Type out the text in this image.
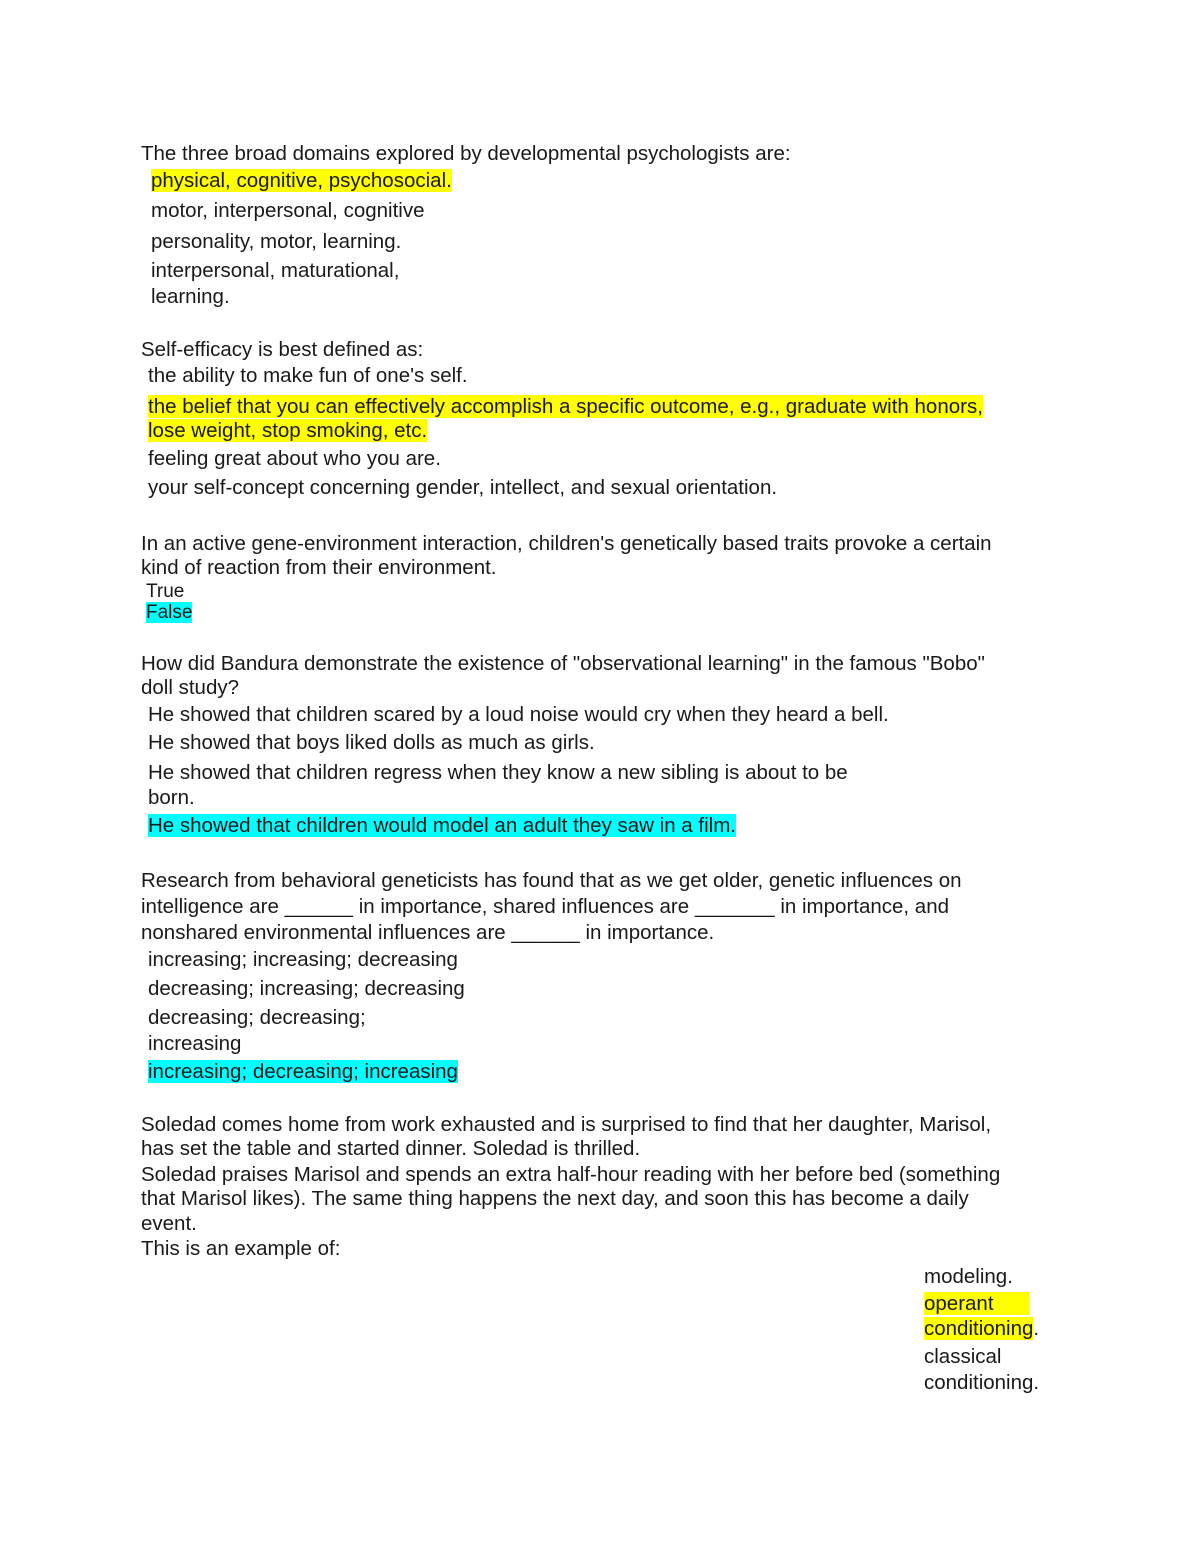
The three broad domains explored by developmental psychologists are:
physical, cognitive, psychosocial.
motor, interpersonal, cognitive
personality, motor, learning.
interpersonal, maturational,
learning.
Self-efficacy is best defined as:
the ability to make fun of one's self.
the belief that you can effectively accomplish a specific outcome, e.g., graduate with honors,
lose weight, stop smoking, etc.
feeling great about who you are.
your self-concept concerning gender, intellect, and sexual orientation.
In an active gene-environment interaction, children's genetically based traits provoke a certain
kind of reaction from their environment.
True
False
How did Bandura demonstrate the existence of "observational learning" in the famous "Bobo"
doll study?
He showed that children scared by a loud noise would cry when they heard a bell.
He showed that boys liked dolls as much as girls.
He showed that children regress when they know a new sibling is about to be
born.
He showed that children would model an adult they saw in a film.
Research from behavioral geneticists has found that as we get older, genetic influences on
intelligence are ______ in importance, shared influences are _______ in importance, and
nonshared environmental influences are ______ in importance.
increasing; increasing; decreasing
decreasing; increasing; decreasing
decreasing; decreasing;
increasing
increasing; decreasing; increasing
Soledad comes home from work exhausted and is surprised to find that her daughter, Marisol,
has set the table and started dinner. Soledad is thrilled.
Soledad praises Marisol and spends an extra half-hour reading with her before bed (something
that Marisol likes). The same thing happens the next day, and soon this has become a daily
event.
This is an example of:
modeling.
operant
conditioning.
classical
conditioning.
